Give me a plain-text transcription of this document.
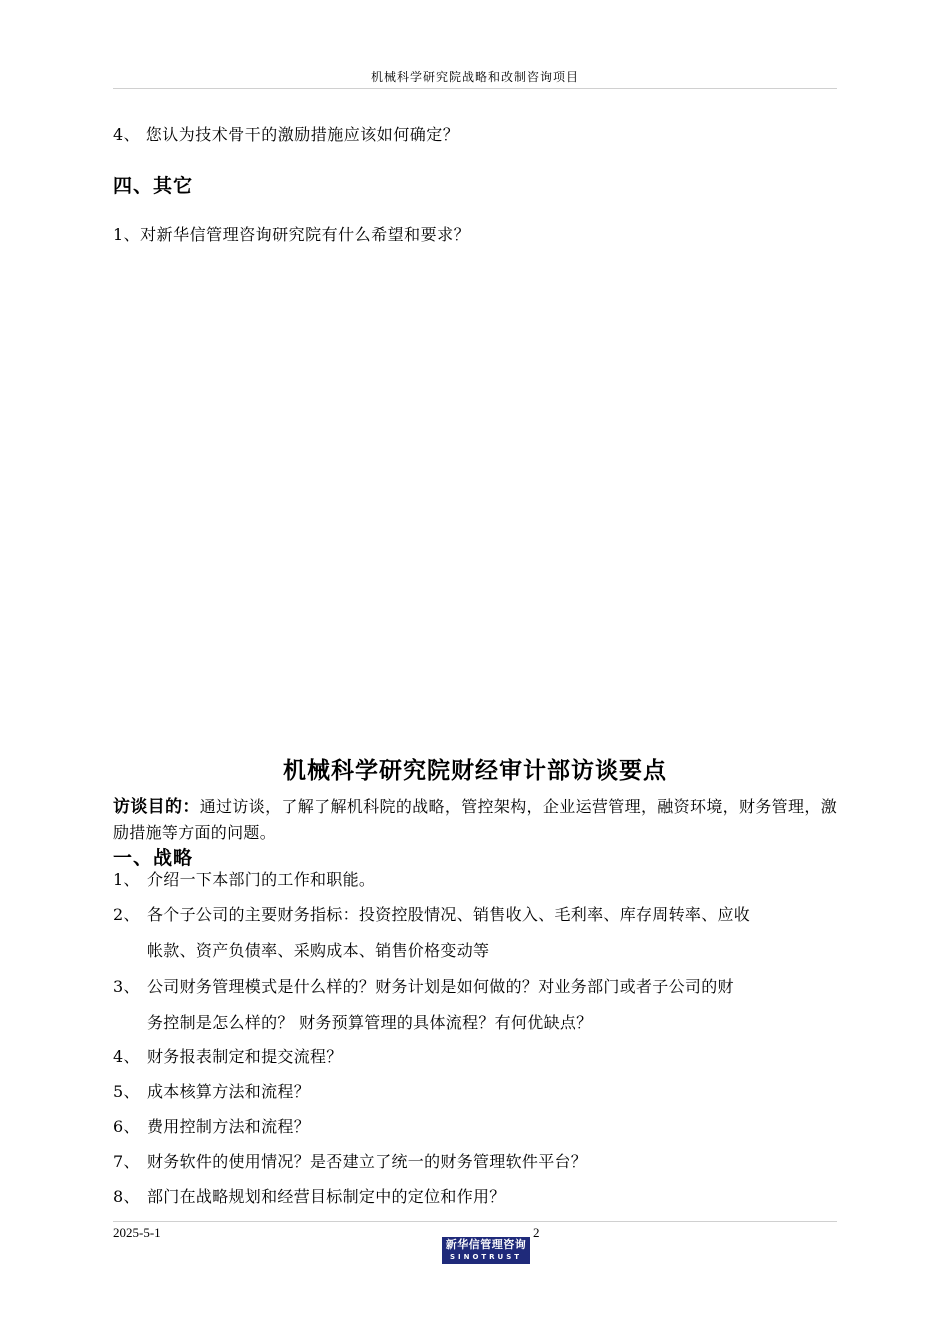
机械科学研究院战略和改制咨询项目
4、 您认为技术骨干的激励措施应该如何确定？
四、其它
1、对新华信管理咨询研究院有什么希望和要求？
机械科学研究院财经审计部访谈要点
访谈目的：通过访谈，了解了解机科院的战略，管控架构，企业运营管理，融资环境，财务管理，激励措施等方面的问题。
一、战略
1、 介绍一下本部门的工作和职能。
2、 各个子公司的主要财务指标：投资控股情况、销售收入、毛利率、库存周转率、应收
帐款、资产负债率、采购成本、销售价格变动等
3、 公司财务管理模式是什么样的？财务计划是如何做的？对业务部门或者子公司的财
务控制是怎么样的？ 财务预算管理的具体流程？有何优缺点？
4、 财务报表制定和提交流程？
5、 成本核算方法和流程？
6、 费用控制方法和流程？
7、 财务软件的使用情况？是否建立了统一的财务管理软件平台？
8、 部门在战略规划和经营目标制定中的定位和作用？
2025-5-1	2
新华信管理咨询
SINOTRUST
